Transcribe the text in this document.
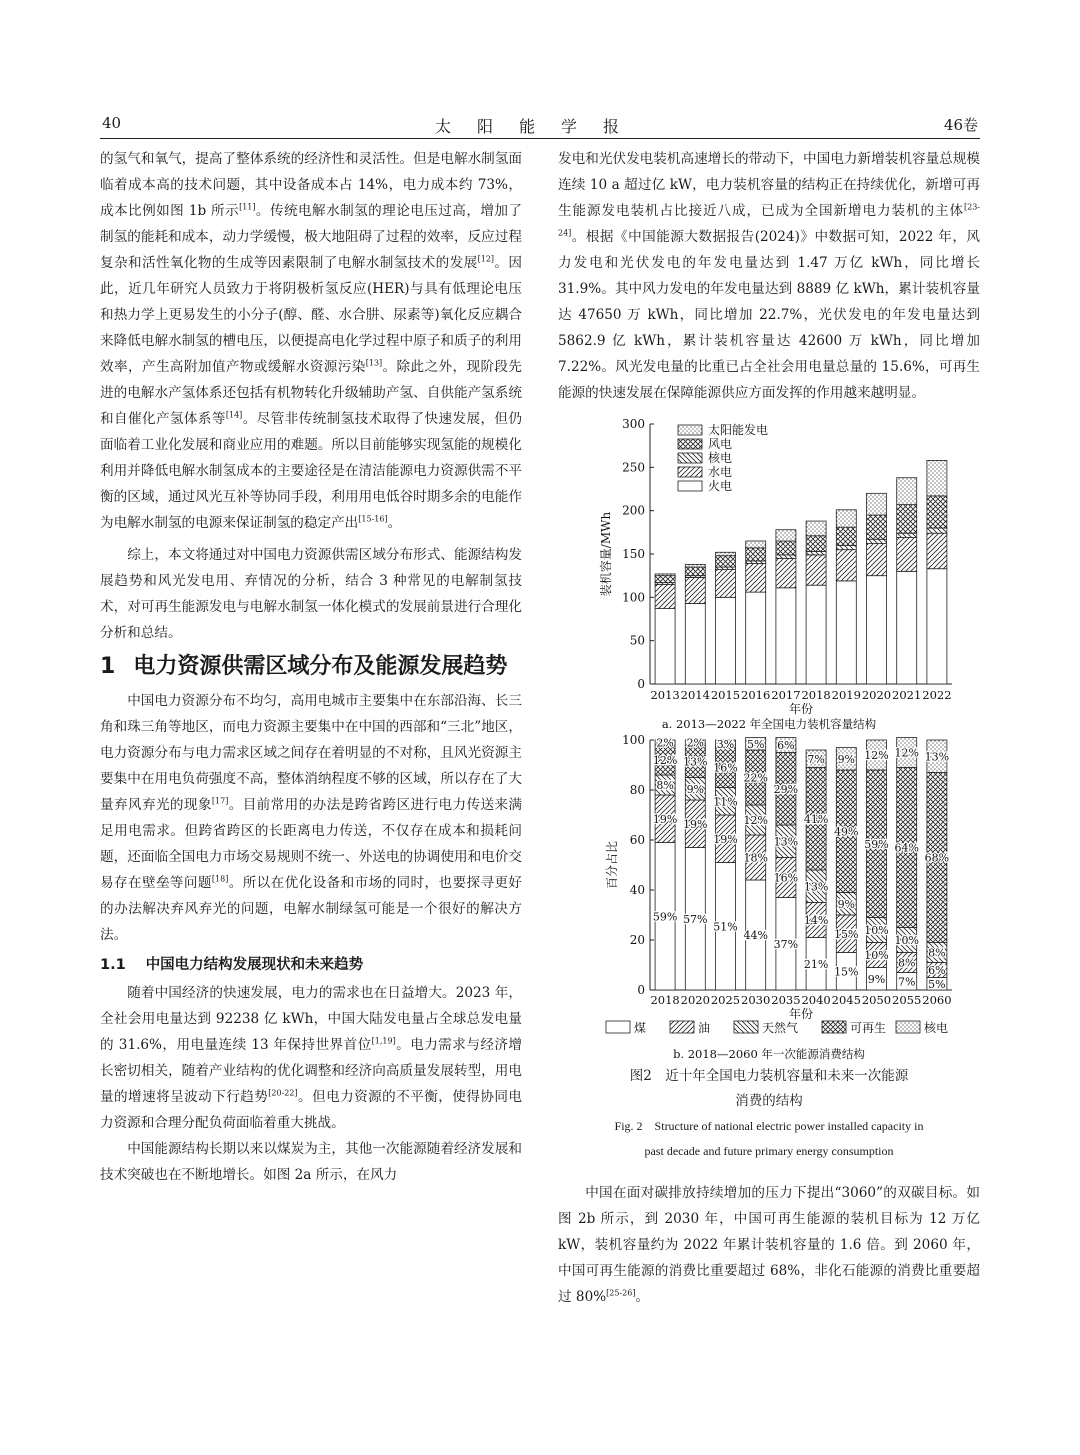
40	太阳能学报	46卷

的氢气和氧气，提高了整体系统的经济性和灵活性。但是电解水制氢面临着成本高的技术问题，其中设备成本占 14%，电力成本约 73%，成本比例如图 1b 所示[11]。传统电解水制氢的理论电压过高，增加了制氢的能耗和成本，动力学缓慢，极大地阻碍了过程的效率，反应过程复杂和活性氧化物的生成等因素限制了电解水制氢技术的发展[12]。因此，近几年研究人员致力于将阴极析氢反应(HER)与具有低理论电压和热力学上更易发生的小分子(醇、醛、水合肼、尿素等)氧化反应耦合来降低电解水制氢的槽电压，以便提高电化学过程中原子和质子的利用效率，产生高附加值产物或缓解水资源污染[13]。除此之外，现阶段先进的电解水产氢体系还包括有机物转化升级辅助产氢、自供能产氢系统和自催化产氢体系等[14]。尽管非传统制氢技术取得了快速发展，但仍面临着工业化发展和商业应用的难题。所以目前能够实现氢能的规模化利用并降低电解水制氢成本的主要途径是在清洁能源电力资源供需不平衡的区域，通过风光互补等协同手段，利用用电低谷时期多余的电能作为电解水制氢的电源来保证制氢的稳定产出[15-16]。

综上，本文将通过对中国电力资源供需区域分布形式、能源结构发展趋势和风光发电用、弃情况的分析，结合 3 种常见的电解制氢技术，对可再生能源发电与电解水制氢一体化模式的发展前景进行合理化分析和总结。

1 电力资源供需区域分布及能源发展趋势

中国电力资源分布不均匀，高用电城市主要集中在东部沿海、长三角和珠三角等地区，而电力资源主要集中在中国的西部和“三北”地区，电力资源分布与电力需求区域之间存在着明显的不对称，且风光资源主要集中在用电负荷强度不高，整体消纳程度不够的区域，所以存在了大量弃风弃光的现象[17]。目前常用的办法是跨省跨区进行电力传送来满足用电需求。但跨省跨区的长距离电力传送，不仅存在成本和损耗问题，还面临全国电力市场交易规则不统一、外送电的协调使用和电价交易存在壁垒等问题[18]。所以在优化设备和市场的同时，也要探寻更好的办法解决弃风弃光的问题，电解水制绿氢可能是一个很好的解决方法。

1.1 中国电力结构发展现状和未来趋势

随着中国经济的快速发展，电力的需求也在日益增大。2023 年，全社会用电量达到 92238 亿 kWh，中国大陆发电量占全球总发电量的 31.6%，用电量连续 13 年保持世界首位[1,19]。电力需求与经济增长密切相关，随着产业结构的优化调整和经济向高质量发展转型，用电量的增速将呈波动下行趋势[20-22]。但电力资源的不平衡，使得协同电力资源和合理分配负荷面临着重大挑战。

中国能源结构长期以来以煤炭为主，其他一次能源随着经济发展和技术突破也在不断地增长。如图 2a 所示，在风力

发电和光伏发电装机高速增长的带动下，中国电力新增装机容量总规模连续 10 a 超过亿 kW，电力装机容量的结构正在持续优化，新增可再生能源发电装机占比接近八成，已成为全国新增电力装机的主体[23-24]。根据《中国能源大数据报告(2024)》中数据可知，2022 年，风力发电和光伏发电的年发电量达到 1.47 万亿 kWh，同比增长 31.9%。其中风力发电的年发电量达到 8889 亿 kWh，累计装机容量达 47650 万 kWh，同比增加 22.7%，光伏发电的年发电量达到 5862.9 亿 kWh，累计装机容量达 42600 万 kWh，同比增加 7.22%。风光发电量的比重已占全社会用电量总量的 15.6%，可再生能源的快速发展在保障能源供应方面发挥的作用越来越明显。

0
50
100
150
200
250
300
装机容量/MWh
2013 2014 2015 2016 2017 2018 2019 2020 2021 2022
年份
a. 2013—2022 年全国电力装机容量结构
太阳能发电
风电
核电
水电
火电
0
20
40
60
80
100
百分占比
59%
19%
8%
12%
2%
2018
57%
19%
9%
13%
2%
2020
51%
19%
11%
16%
3%
2025
44%
18%
12%
22%
5%
2030
37%
16%
13%
29%
6%
2035
21%
14%
13%
41%
7%
2040
15%
15%
9%
49%
9%
2045
9%
10%
10%
59%
12%
2050
7%
8%
10%
64%
12%
2055
5%
6%
8%
68%
13%
2060
年份
煤	油	天然气	可再生	核电
b. 2018—2060 年一次能源消费结构
图2　近十年全国电力装机容量和未来一次能源
消费的结构
Fig. 2　Structure of national electric power installed capacity in
past decade and future primary energy consumption

中国在面对碳排放持续增加的压力下提出“3060”的双碳目标。如图 2b 所示，到 2030 年，中国可再生能源的装机目标为 12 万亿 kW，装机容量约为 2022 年累计装机容量的 1.6 倍。到 2060 年，中国可再生能源的消费比重要超过 68%，非化石能源的消费比重要超过 80%[25-26]。
